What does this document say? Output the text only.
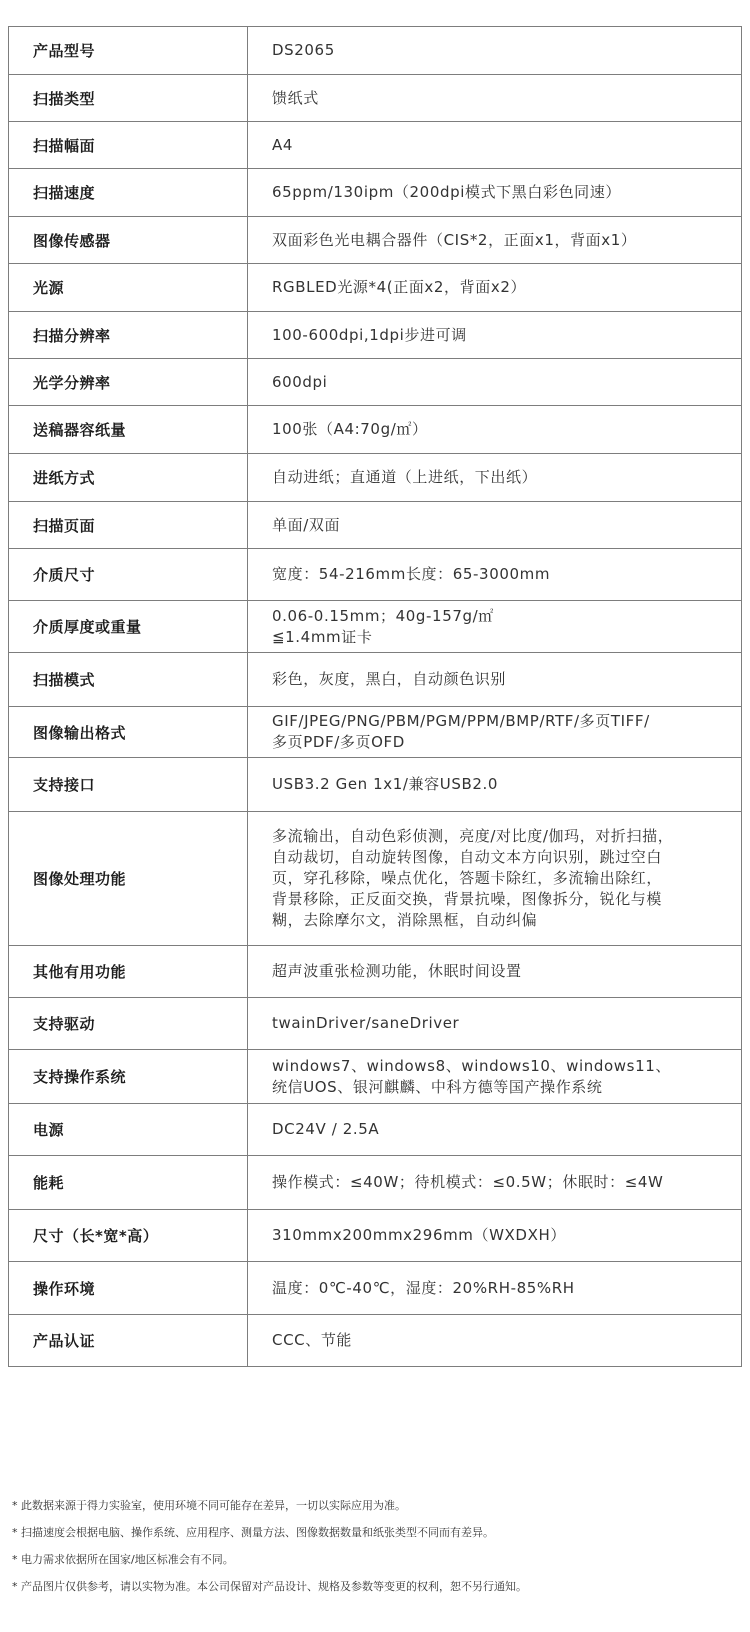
产品型号	DS2065

扫描类型	馈纸式

扫描幅面	A4

扫描速度	65ppm/130ipm（200dpi模式下黑白彩色同速）

图像传感器	双面彩色光电耦合器件（CIS*2，正面x1，背面x1）

光源	RGBLED光源*4(正面x2，背面x2）

扫描分辨率	100-600dpi,1dpi步进可调

光学分辨率	600dpi

送稿器容纸量	100张（A4:70g/㎡）

进纸方式	自动进纸；直通道（上进纸，下出纸）

扫描页面	单面/双面

介质尺寸	宽度：54-216mm长度：65-3000mm

介质厚度或重量	0.06-0.15mm；40g-157g/㎡
≦1.4mm证卡

扫描模式	彩色，灰度，黑白，自动颜色识别

图像输出格式	GIF/JPEG/PNG/PBM/PGM/PPM/BMP/RTF/多页TIFF/
多页PDF/多页OFD

支持接口	USB3.2 Gen 1x1/兼容USB2.0

图像处理功能	多流输出，自动色彩侦测，亮度/对比度/伽玛，对折扫描，
自动裁切，自动旋转图像，自动文本方向识别，跳过空白
页，穿孔移除，噪点优化，答题卡除红，多流输出除红，
背景移除，正反面交换，背景抗噪，图像拆分，锐化与模
糊，去除摩尔文，消除黑框，自动纠偏

其他有用功能	超声波重张检测功能，休眠时间设置

支持驱动	twainDriver/saneDriver

支持操作系统	windows7、windows8、windows10、windows11、
统信UOS、银河麒麟、中科方德等国产操作系统

电源	DC24V / 2.5A

能耗	操作模式：≤40W；待机模式：≤0.5W；休眠时：≤4W

尺寸（长*宽*高）	310mmx200mmx296mm（WXDXH）

操作环境	温度：0℃-40℃，湿度：20%RH-85%RH

产品认证	CCC、节能
* 此数据来源于得力实验室，使用环境不同可能存在差异，一切以实际应用为准。
* 扫描速度会根据电脑、操作系统、应用程序、测量方法、图像数据数量和纸张类型不同而有差异。
* 电力需求依据所在国家/地区标准会有不同。
* 产品图片仅供参考，请以实物为准。本公司保留对产品设计、规格及参数等变更的权利，恕不另行通知。
